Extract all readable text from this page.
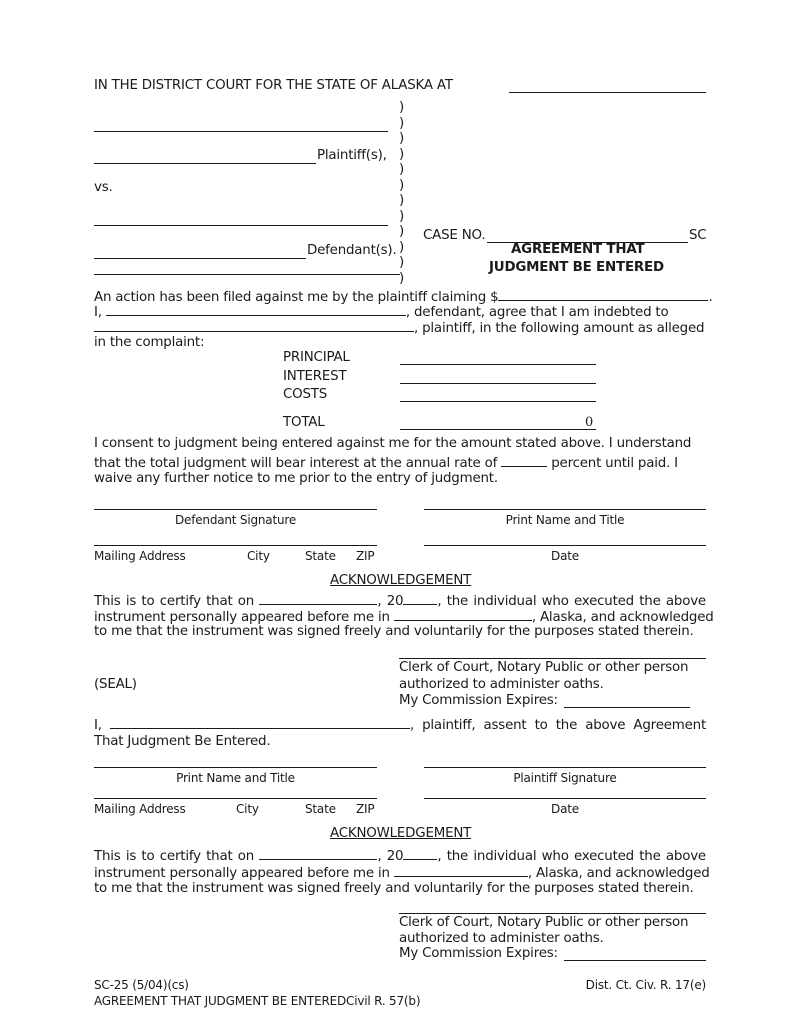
IN THE DISTRICT COURT FOR THE STATE OF ALASKA AT
Plaintiff(s),
vs.
Defendant(s).
)
)
)
)
)
)
)
)
)
)
)
)
CASE NO.	SC
AGREEMENT THAT
JUDGMENT BE ENTERED
An action has been filed against me by the plaintiff claiming $	.
I,	, defendant, agree that I am indebted to
, plaintiff, in the following amount as alleged
in the complaint:
PRINCIPAL
INTEREST
COSTS
TOTAL	0
I consent to judgment being entered against me for the amount stated above. I understand
that the total judgment will bear interest at the annual rate of	percent until paid. I
waive any further notice to me prior to the entry of judgment.
Defendant Signature	Print Name and Title
Mailing Address	City	State ZIP	Date
ACKNOWLEDGEMENT
This is to certify that on	, 20	, the individual who executed the above
instrument personally appeared before me in	, Alaska, and acknowledged
to me that the instrument was signed freely and voluntarily for the purposes stated therein.
Clerk of Court, Notary Public or other person
(SEAL)	authorized to administer oaths.
My Commission Expires:
I,	, plaintiff, assent to the above Agreement
That Judgment Be Entered.
Print Name and Title	Plaintiff Signature
Mailing Address	City	State ZIP	Date
ACKNOWLEDGEMENT
This is to certify that on	, 20	, the individual who executed the above
instrument personally appeared before me in	, Alaska, and acknowledged
to me that the instrument was signed freely and voluntarily for the purposes stated therein.
Clerk of Court, Notary Public or other person
authorized to administer oaths.
My Commission Expires:
SC-25 (5/04)(cs)
AGREEMENT THAT JUDGMENT BE ENTEREDCivil R. 57(b)
Dist. Ct. Civ. R. 17(e)
